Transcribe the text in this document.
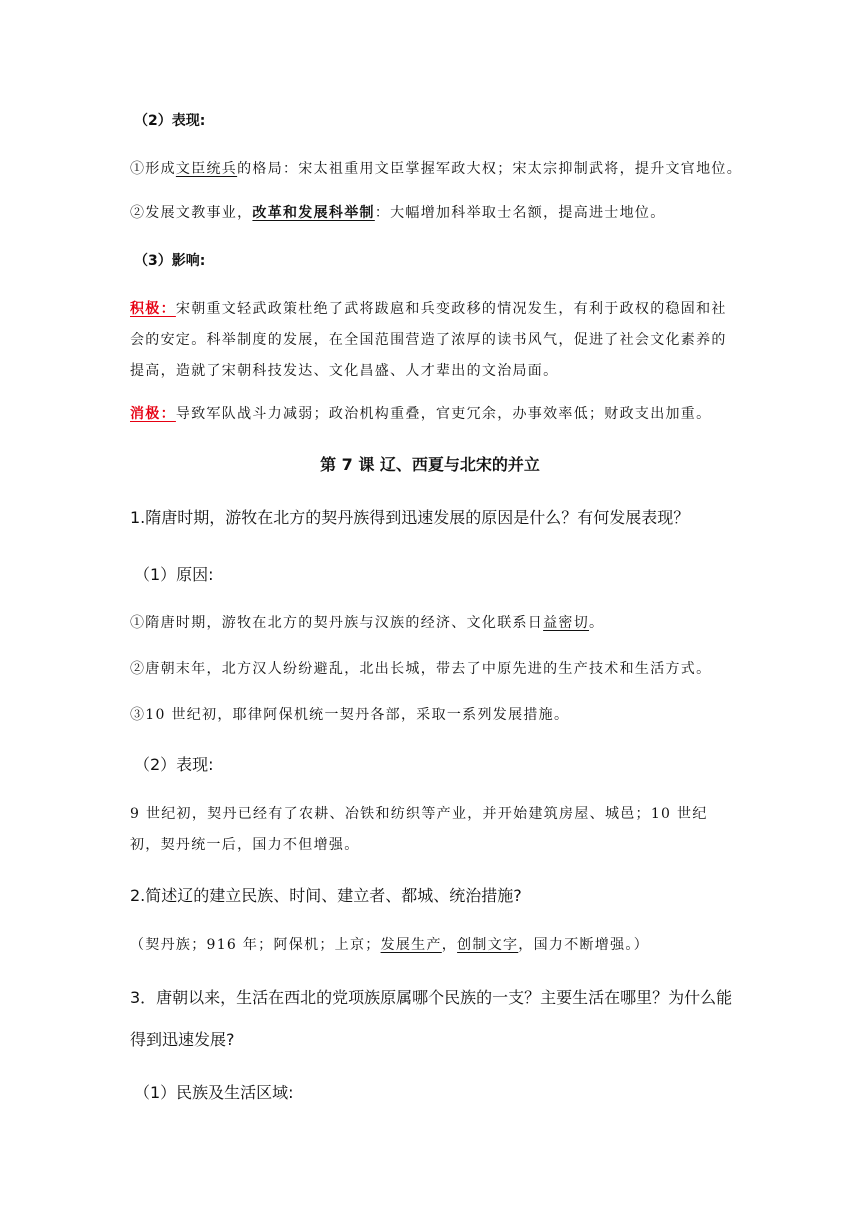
（2）表现:
①形成文臣统兵的格局：宋太祖重用文臣掌握军政大权；宋太宗抑制武将，提升文官地位。
②发展文教事业，改革和发展科举制：大幅增加科举取士名额，提高进士地位。
（3）影响:
积极：宋朝重文轻武政策杜绝了武将跋扈和兵变政移的情况发生，有利于政权的稳固和社
会的安定。科举制度的发展，在全国范围营造了浓厚的读书风气，促进了社会文化素养的
提高，造就了宋朝科技发达、文化昌盛、人才辈出的文治局面。
消极：导致军队战斗力减弱；政治机构重叠，官吏冗余，办事效率低；财政支出加重。
第 7 课 辽、西夏与北宋的并立
1.隋唐时期，游牧在北方的契丹族得到迅速发展的原因是什么？有何发展表现？
（1）原因:
①隋唐时期，游牧在北方的契丹族与汉族的经济、文化联系日益密切。
②唐朝末年，北方汉人纷纷避乱，北出长城，带去了中原先进的生产技术和生活方式。
③10 世纪初，耶律阿保机统一契丹各部，采取一系列发展措施。
（2）表现:
9 世纪初，契丹已经有了农耕、冶铁和纺织等产业，并开始建筑房屋、城邑；10 世纪
初，契丹统一后，国力不但增强。
2.简述辽的建立民族、时间、建立者、都城、统治措施?
（契丹族；916 年；阿保机；上京；发展生产，创制文字，国力不断增强。）
3．唐朝以来，生活在西北的党项族原属哪个民族的一支？主要生活在哪里？为什么能
得到迅速发展?
（1）民族及生活区域:
